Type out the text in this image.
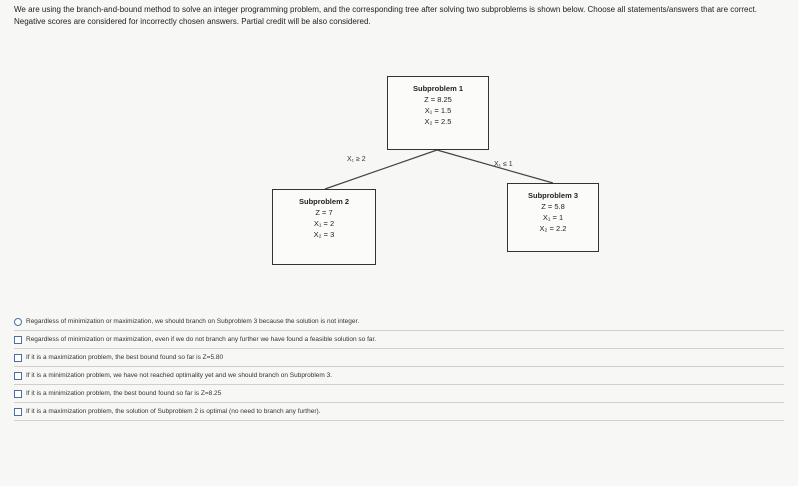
We are using the branch-and-bound method to solve an integer programming problem, and the corresponding tree after solving two subproblems is shown below. Choose all statements/answers that are correct. Negative scores are considered for incorrectly chosen answers. Partial credit will be also considered.
Subproblem 1
Z = 8.25
X₁ = 1.5
X₂ = 2.5
Subproblem 2
Z = 7
X₁ = 2
X₂ = 3
Subproblem 3
Z = 5.8
X₁ = 1
X₂ = 2.2
X₁ ≥ 2
X₁ ≤ 1
Regardless of minimization or maximization, we should branch on Subproblem 3 because the solution is not integer.
Regardless of minimization or maximization, even if we do not branch any further we have found a feasible solution so far.
If it is a maximization problem, the best bound found so far is Z=5.80
If it is a minimization problem, we have not reached optimality yet and we should branch on Subproblem 3.
If it is a minimization problem, the best bound found so far is Z=8.25
If it is a maximization problem, the solution of Subproblem 2 is optimal (no need to branch any further).
